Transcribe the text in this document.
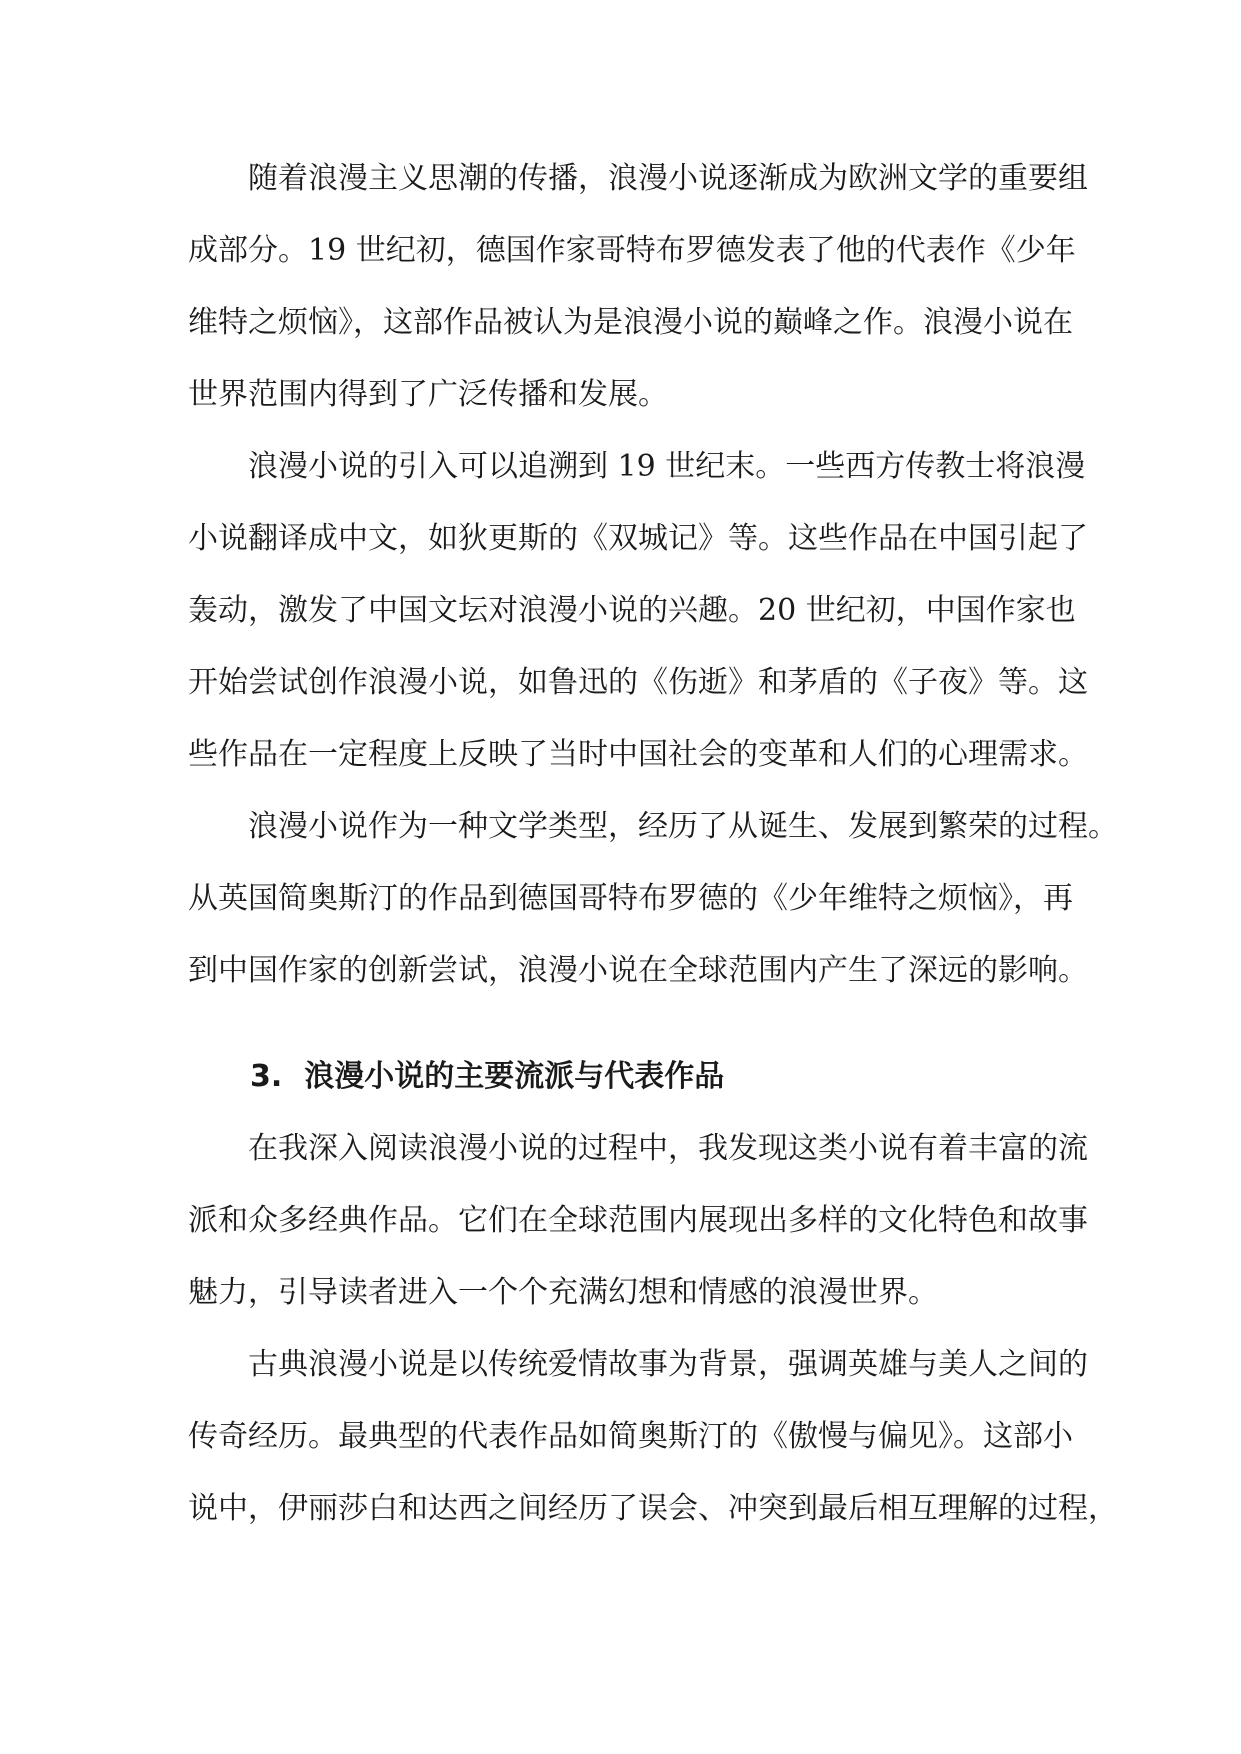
随着浪漫主义思潮的传播，浪漫小说逐渐成为欧洲文学的重要组
成部分。19 世纪初，德国作家哥特布罗德发表了他的代表作《少年
维特之烦恼》，这部作品被认为是浪漫小说的巅峰之作。浪漫小说在
世界范围内得到了广泛传播和发展。

浪漫小说的引入可以追溯到 19 世纪末。一些西方传教士将浪漫
小说翻译成中文，如狄更斯的《双城记》等。这些作品在中国引起了
轰动，激发了中国文坛对浪漫小说的兴趣。20 世纪初，中国作家也
开始尝试创作浪漫小说，如鲁迅的《伤逝》和茅盾的《子夜》等。这
些作品在一定程度上反映了当时中国社会的变革和人们的心理需求。

浪漫小说作为一种文学类型，经历了从诞生、发展到繁荣的过程。
从英国简奥斯汀的作品到德国哥特布罗德的《少年维特之烦恼》，再
到中国作家的创新尝试，浪漫小说在全球范围内产生了深远的影响。

3. 浪漫小说的主要流派与代表作品

在我深入阅读浪漫小说的过程中，我发现这类小说有着丰富的流
派和众多经典作品。它们在全球范围内展现出多样的文化特色和故事
魅力，引导读者进入一个个充满幻想和情感的浪漫世界。

古典浪漫小说是以传统爱情故事为背景，强调英雄与美人之间的
传奇经历。最典型的代表作品如简奥斯汀的《傲慢与偏见》。这部小
说中，伊丽莎白和达西之间经历了误会、冲突到最后相互理解的过程，
